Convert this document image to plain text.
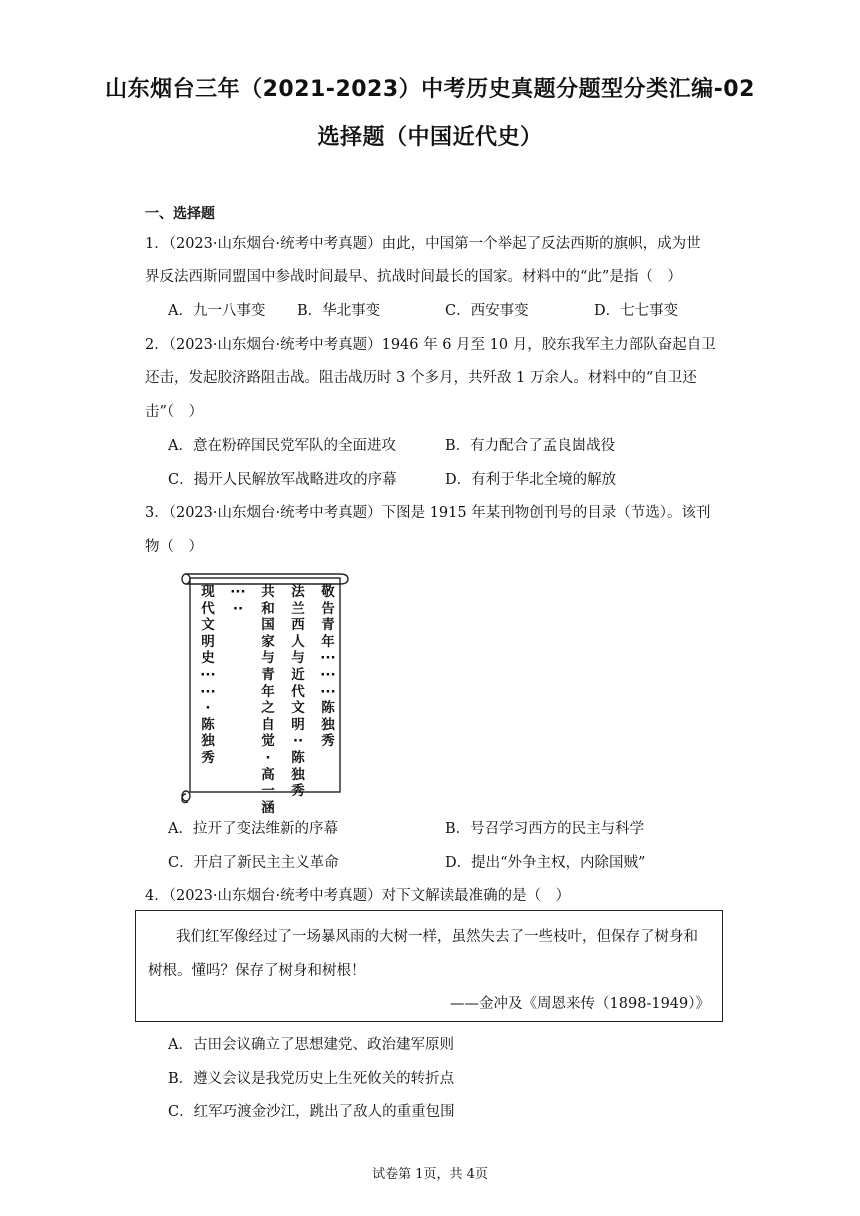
山东烟台三年（2021-2023）中考历史真题分题型分类汇编-02
选择题（中国近代史）
一、选择题
1．（2023·山东烟台·统考中考真题）由此，中国第一个举起了反法西斯的旗帜，成为世
界反法西斯同盟国中参战时间最早、抗战时间最长的国家。材料中的“此”是指（　）
A．九一八事变 B．华北事变	C．西安事变	D．七七事变
2．（2023·山东烟台·统考中考真题）1946 年 6 月至 10 月，胶东我军主力部队奋起自卫
还击，发起胶济路阻击战。阻击战历时 3 个多月，共歼敌 1 万余人。材料中的“自卫还
击”（　）
A．意在粉碎国民党军队的全面进攻	B．有力配合了孟良崮战役
C．揭开人民解放军战略进攻的序幕	D．有利于华北全境的解放
3．（2023·山东烟台·统考中考真题）下图是 1915 年某刊物创刊号的目录（节选）。该刊
物（　）
敬告青年·········陈独秀
法兰西人与近代文明··陈独秀
共和国家与青年之自觉·高一涵
·····
现代文明史·······陈独秀
A．拉开了变法维新的序幕	B．号召学习西方的民主与科学
C．开启了新民主主义革命	D．提出“外争主权，内除国贼”
4．（2023·山东烟台·统考中考真题）对下文解读最准确的是（　）
我们红军像经过了一场暴风雨的大树一样，虽然失去了一些枝叶，但保存了树身和
树根。懂吗？保存了树身和树根！
——金冲及《周恩来传（1898-1949）》
A．古田会议确立了思想建党、政治建军原则
B．遵义会议是我党历史上生死攸关的转折点
C．红军巧渡金沙江，跳出了敌人的重重包围
试卷第 1页，共 4页
